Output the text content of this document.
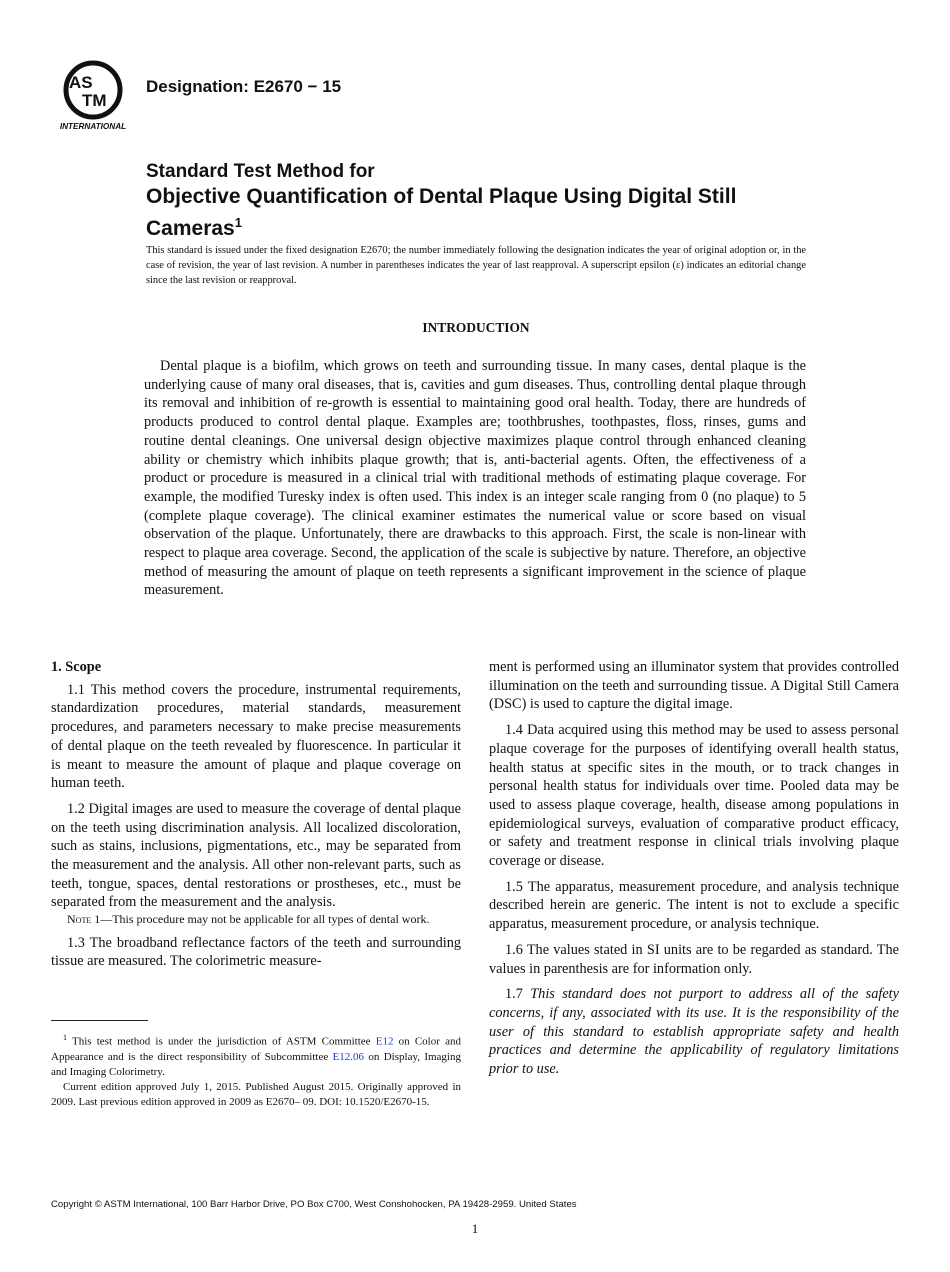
AS
TM
INTERNATIONAL
Designation: E2670 − 15
Standard Test Method for
Objective Quantification of Dental Plaque Using Digital Still
Cameras$^1$
This standard is issued under the fixed designation E2670; the number immediately following the designation indicates the year of original adoption or, in the case of revision, the year of last revision. A number in parentheses indicates the year of last reapproval. A superscript epsilon (ε) indicates an editorial change since the last revision or reapproval.
INTRODUCTION

Dental plaque is a biofilm, which grows on teeth and surrounding tissue. In many cases, dental plaque is the underlying cause of many oral diseases, that is, cavities and gum diseases. Thus, controlling dental plaque through its removal and inhibition of re-growth is essential to maintaining good oral health. Today, there are hundreds of products produced to control dental plaque. Examples are; toothbrushes, toothpastes, floss, rinses, gums and routine dental cleanings. One universal design objective maximizes plaque control through enhanced cleaning ability or chemistry which inhibits plaque growth; that is, anti-bacterial agents. Often, the effectiveness of a product or procedure is measured in a clinical trial with traditional methods of estimating plaque coverage. For example, the modified Turesky index is often used. This index is an integer scale ranging from 0 (no plaque) to 5 (complete plaque coverage). The clinical examiner estimates the numerical value or score based on visual observation of the plaque. Unfortunately, there are drawbacks to this approach. First, the scale is non-linear with respect to plaque area coverage. Second, the application of the scale is subjective by nature. Therefore, an objective method of measuring the amount of plaque on teeth represents a significant improvement in the science of plaque measurement.

1. Scope

1.1 This method covers the procedure, instrumental requirements, standardization procedures, material standards, measurement procedures, and parameters necessary to make precise measurements of dental plaque on the teeth revealed by fluorescence. In particular it is meant to measure the amount of plaque and plaque coverage on human teeth.

1.2 Digital images are used to measure the coverage of dental plaque on the teeth using discrimination analysis. All localized discoloration, such as stains, inclusions, pigmentations, etc., may be separated from the measurement and the analysis. All other non-relevant parts, such as teeth, tongue, spaces, dental restorations or prostheses, etc., must be separated from the measurement and the analysis.

Note 1—This procedure may not be applicable for all types of dental work.

1.3 The broadband reflectance factors of the teeth and surrounding tissue are measured. The colorimetric measure-

ment is performed using an illuminator system that provides controlled illumination on the teeth and surrounding tissue. A Digital Still Camera (DSC) is used to capture the digital image.

1.4 Data acquired using this method may be used to assess personal plaque coverage for the purposes of identifying overall health status, health status at specific sites in the mouth, or to track changes in personal health status for individuals over time. Pooled data may be used to assess plaque coverage, health, disease among populations in epidemiological surveys, evaluation of comparative product efficacy, or safety and treatment response in clinical trials involving plaque coverage or disease.

1.5 The apparatus, measurement procedure, and analysis technique described herein are generic. The intent is not to exclude a specific apparatus, measurement procedure, or analysis technique.

1.6 The values stated in SI units are to be regarded as standard. The values in parenthesis are for information only.

1.7 This standard does not purport to address all of the safety concerns, if any, associated with its use. It is the responsibility of the user of this standard to establish appropriate safety and health practices and determine the applicability of regulatory limitations prior to use.

$^1$ This test method is under the jurisdiction of ASTM Committee E12 on Color and Appearance and is the direct responsibility of Subcommittee E12.06 on Display, Imaging and Imaging Colorimetry.

Current edition approved July 1, 2015. Published August 2015. Originally approved in 2009. Last previous edition approved in 2009 as E2670– 09. DOI: 10.1520/E2670-15.

Copyright © ASTM International, 100 Barr Harbor Drive, PO Box C700, West Conshohocken, PA 19428-2959. United States
1
